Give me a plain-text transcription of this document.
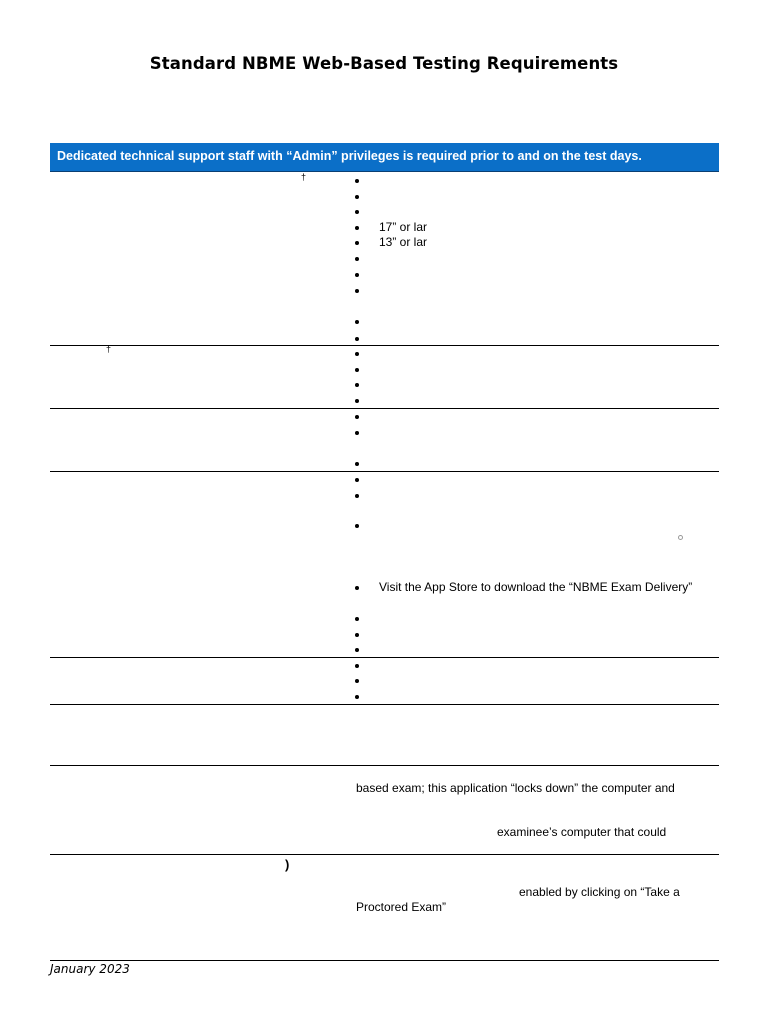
Standard NBME Web-Based Testing Requirements
Dedicated technical support staff with “Admin” privileges is required prior to and on the test days.
†
17” or lar
13” or lar
†
Visit the App Store to download the “NBME Exam Delivery”
based exam; this application “locks down” the computer and
examinee’s computer that could
)
enabled by clicking on “Take a
Proctored Exam”
January 2023
